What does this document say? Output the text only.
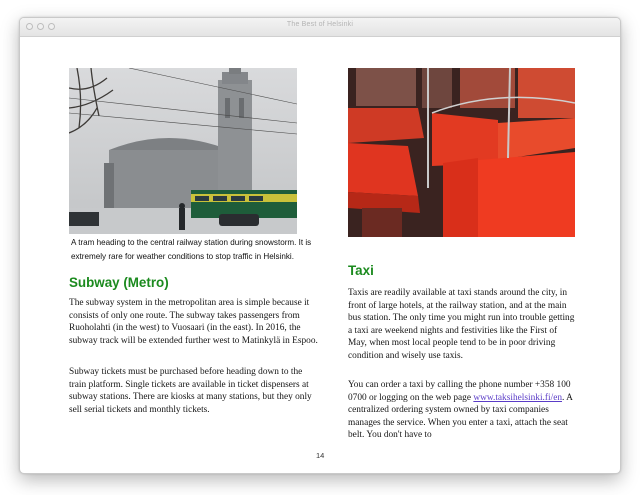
The Best of Helsinki
A tram heading to the central railway station during snowstorm. It is extremely rare for weather conditions to stop traffic in Helsinki.
Subway (Metro)

The subway system in the metropolitan area is simple because it consists of only one route. The subway takes passengers from Ruoholahti (in the west) to Vuosaari (in the east). In 2016, the subway track will be extended further west to Matinkylä in Espoo.

Subway tickets must be purchased before heading down to the train platform. Single tickets are available in ticket dispensers at subway stations. There are kiosks at many stations, but they only sell serial tickets and monthly tickets.

Taxi

Taxis are readily available at taxi stands around the city, in front of large hotels, at the railway station, and at the main bus station. The only time you might run into trouble getting a taxi are weekend nights and festivities like the First of May, when most local people tend to be in poor driving condition and wisely use taxis.

You can order a taxi by calling the phone number +358 100 0700 or logging on the web page www.taksihelsinki.fi/en. A centralized ordering system owned by taxi companies manages the service. When you enter a taxi, attach the seat belt. You don't have to

14
